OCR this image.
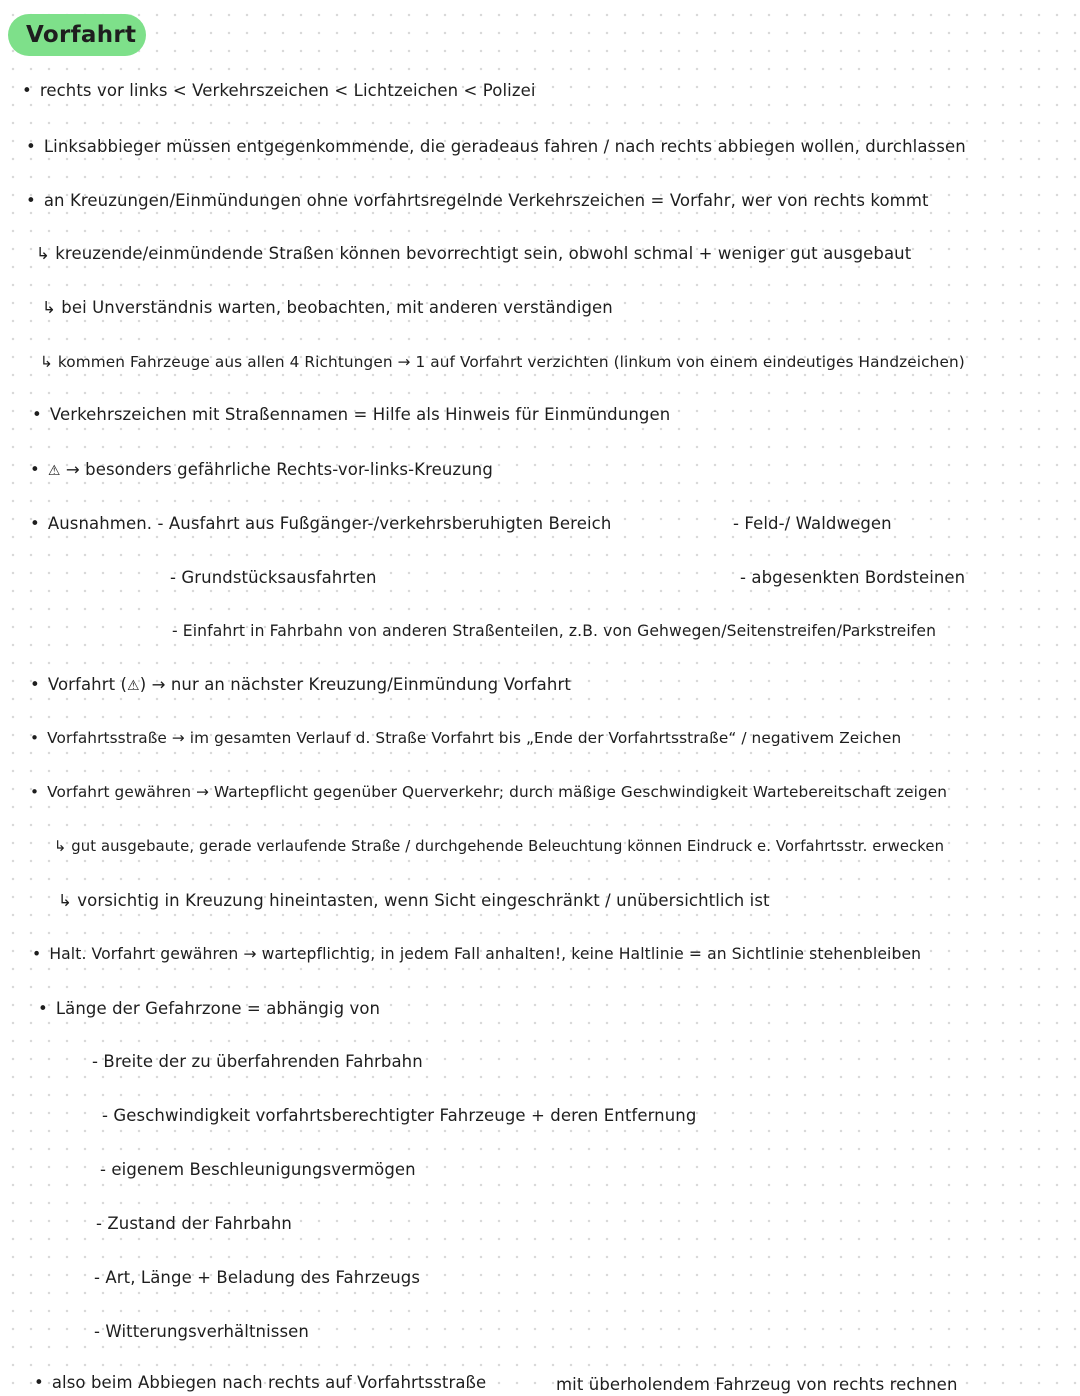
Vorfahrt
• rechts vor links < Verkehrszeichen < Lichtzeichen < Polizei
• Linksabbieger müssen entgegenkommende, die geradeaus fahren / nach rechts abbiegen wollen, durchlassen
• an Kreuzungen/Einmündungen ohne vorfahrtsregelnde Verkehrszeichen = Vorfahr, wer von rechts kommt
↳ kreuzende/einmündende Straßen können bevorrechtigt sein, obwohl schmal + weniger gut ausgebaut
↳ bei Unverständnis warten, beobachten, mit anderen verständigen
↳ kommen Fahrzeuge aus allen 4 Richtungen → 1 auf Vorfahrt verzichten (linkum von einem eindeutiges Handzeichen)
• Verkehrszeichen mit Straßennamen = Hilfe als Hinweis für Einmündungen
• ⚠ → besonders gefährliche Rechts-vor-links-Kreuzung
• Ausnahmen. - Ausfahrt aus Fußgänger-/verkehrsberuhigten Bereich	- Feld-/ Waldwegen
- Grundstücksausfahrten	- abgesenkten Bordsteinen
- Einfahrt in Fahrbahn von anderen Straßenteilen, z.B. von Gehwegen/Seitenstreifen/Parkstreifen
• Vorfahrt (⚠) → nur an nächster Kreuzung/Einmündung Vorfahrt
• Vorfahrtsstraße → im gesamten Verlauf d. Straße Vorfahrt bis „Ende der Vorfahrtsstraße“ / negativem Zeichen
• Vorfahrt gewähren → Wartepflicht gegenüber Querverkehr; durch mäßige Geschwindigkeit Wartebereitschaft zeigen
↳ gut ausgebaute, gerade verlaufende Straße / durchgehende Beleuchtung können Eindruck e. Vorfahrtsstr. erwecken
↳ vorsichtig in Kreuzung hineintasten, wenn Sicht eingeschränkt / unübersichtlich ist
• Halt. Vorfahrt gewähren → wartepflichtig, in jedem Fall anhalten!, keine Haltlinie = an Sichtlinie stehenbleiben
• Länge der Gefahrzone = abhängig von
- Breite der zu überfahrenden Fahrbahn
- Geschwindigkeit vorfahrtsberechtigter Fahrzeuge + deren Entfernung
- eigenem Beschleunigungsvermögen
- Zustand der Fahrbahn
- Art, Länge + Beladung des Fahrzeugs
- Witterungsverhältnissen
• also beim Abbiegen nach rechts auf Vorfahrtsstraße	mit überholendem Fahrzeug von rechts rechnen
